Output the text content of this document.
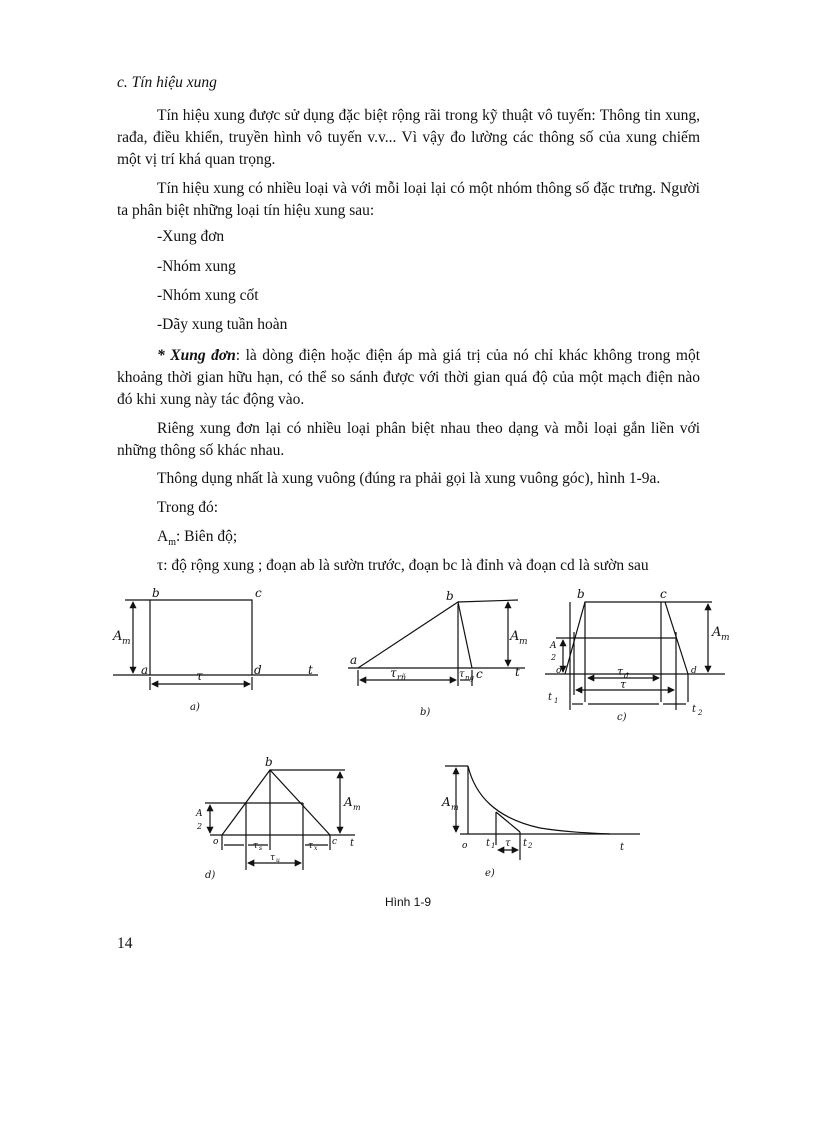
c. Tín hiệu xung

Tín hiệu xung được sử dụng đặc biệt rộng rãi trong kỹ thuật vô tuyến: Thông tin xung, rađa, điều khiển, truyền hình vô tuyến v.v... Vì vậy đo lường các thông số của xung chiếm một vị trí khá quan trọng.

Tín hiệu xung có nhiều loại và với mỗi loại lại có một nhóm thông số đặc trưng. Người ta phân biệt những loại tín hiệu xung sau:

-Xung đơn
-Nhóm xung
-Nhóm xung cốt
-Dãy xung tuần hoàn

* Xung đơn: là dòng điện hoặc điện áp mà giá trị của nó chỉ khác không trong một khoảng thời gian hữu hạn, có thể so sánh được với thời gian quá độ của một mạch điện nào đó khi xung này tác động vào.

Riêng xung đơn lại có nhiều loại phân biệt nhau theo dạng và mỗi loại gắn liền với những thông số khác nhau.

Thông dụng nhất là xung vuông (đúng ra phải gọi là xung vuông góc), hình 1-9a.

Trong đó:

$A_m$: Biên độ;

τ: độ rộng xung ; đoạn ab là sườn trước, đoạn bc là đỉnh và đoạn cd là sườn sau

b	c
A m
a	d	t
τ
a)
b
a
c	t
A m
τ rñ	τ ng
b)
b	c
o	d
A m
A
2
τ đ
τ
t 1
t 2
c)
b
o	c t
A m
A
2
τ s	τ x
τ u
d)
A m
o t 1 τ t 2	t
e)
Hình 1-9
14
